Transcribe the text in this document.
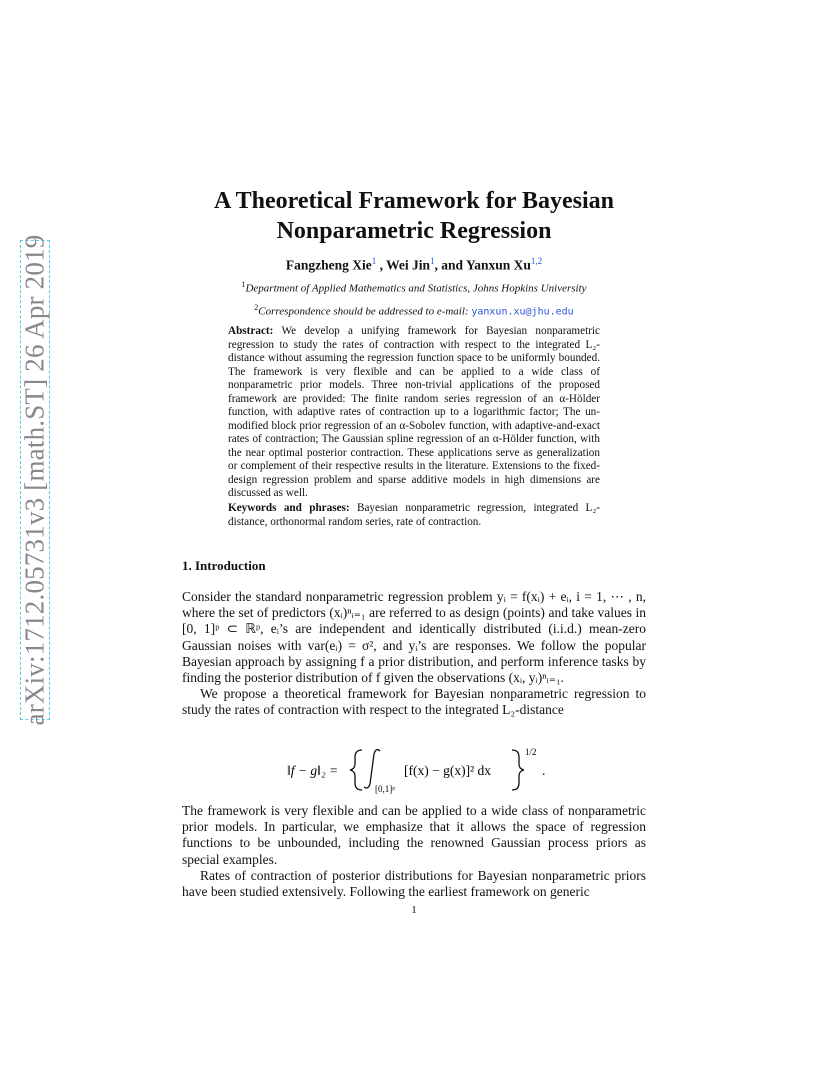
arXiv:1712.05731v3 [math.ST] 26 Apr 2019
A Theoretical Framework for Bayesian
Nonparametric Regression
Fangzheng Xie$^1$ , Wei Jin$^1$, and Yanxun Xu$^{1,2}$
$^1$Department of Applied Mathematics and Statistics, Johns Hopkins University
$^2$Correspondence should be addressed to e-mail: yanxun.xu@jhu.edu
Abstract: We develop a unifying framework for Bayesian nonparametric regression to study the rates of contraction with respect to the integrated L₂-distance without assuming the regression function space to be uniformly bounded. The framework is very flexible and can be applied to a wide class of nonparametric prior models. Three non-trivial applications of the proposed framework are provided: The finite random series regression of an α-Hölder function, with adaptive rates of contraction up to a logarithmic factor; The un-modified block prior regression of an α-Sobolev function, with adaptive-and-exact rates of contraction; The Gaussian spline regression of an α-Hölder function, with the near optimal posterior contraction. These applications serve as generalization or complement of their respective results in the literature. Extensions to the fixed-design regression problem and sparse additive models in high dimensions are discussed as well.
Keywords and phrases: Bayesian nonparametric regression, integrated L₂-distance, orthonormal random series, rate of contraction.
1. Introduction

Consider the standard nonparametric regression problem yᵢ = f(xᵢ) + eᵢ, i = 1, ⋯ , n, where the set of predictors (xᵢ)ⁿᵢ₌₁ are referred to as design (points) and take values in [0, 1]ᵖ ⊂ ℝᵖ, eᵢ’s are independent and identically distributed (i.i.d.) mean-zero Gaussian noises with var(eᵢ) = σ², and yᵢ’s are responses. We follow the popular Bayesian approach by assigning f a prior distribution, and perform inference tasks by finding the posterior distribution of f given the observations (xᵢ, yᵢ)ⁿᵢ₌₁.

We propose a theoretical framework for Bayesian nonparametric regression to study the rates of contraction with respect to the integrated L₂-distance

‖f − g‖₂ =
[0,1]ᵖ
[f(x) − g(x)]² dx
1/2
.

The framework is very flexible and can be applied to a wide class of nonparametric prior models. In particular, we emphasize that it allows the space of regression functions to be unbounded, including the renowned Gaussian process priors as special examples.

Rates of contraction of posterior distributions for Bayesian nonparametric priors have been studied extensively. Following the earliest framework on generic

1
